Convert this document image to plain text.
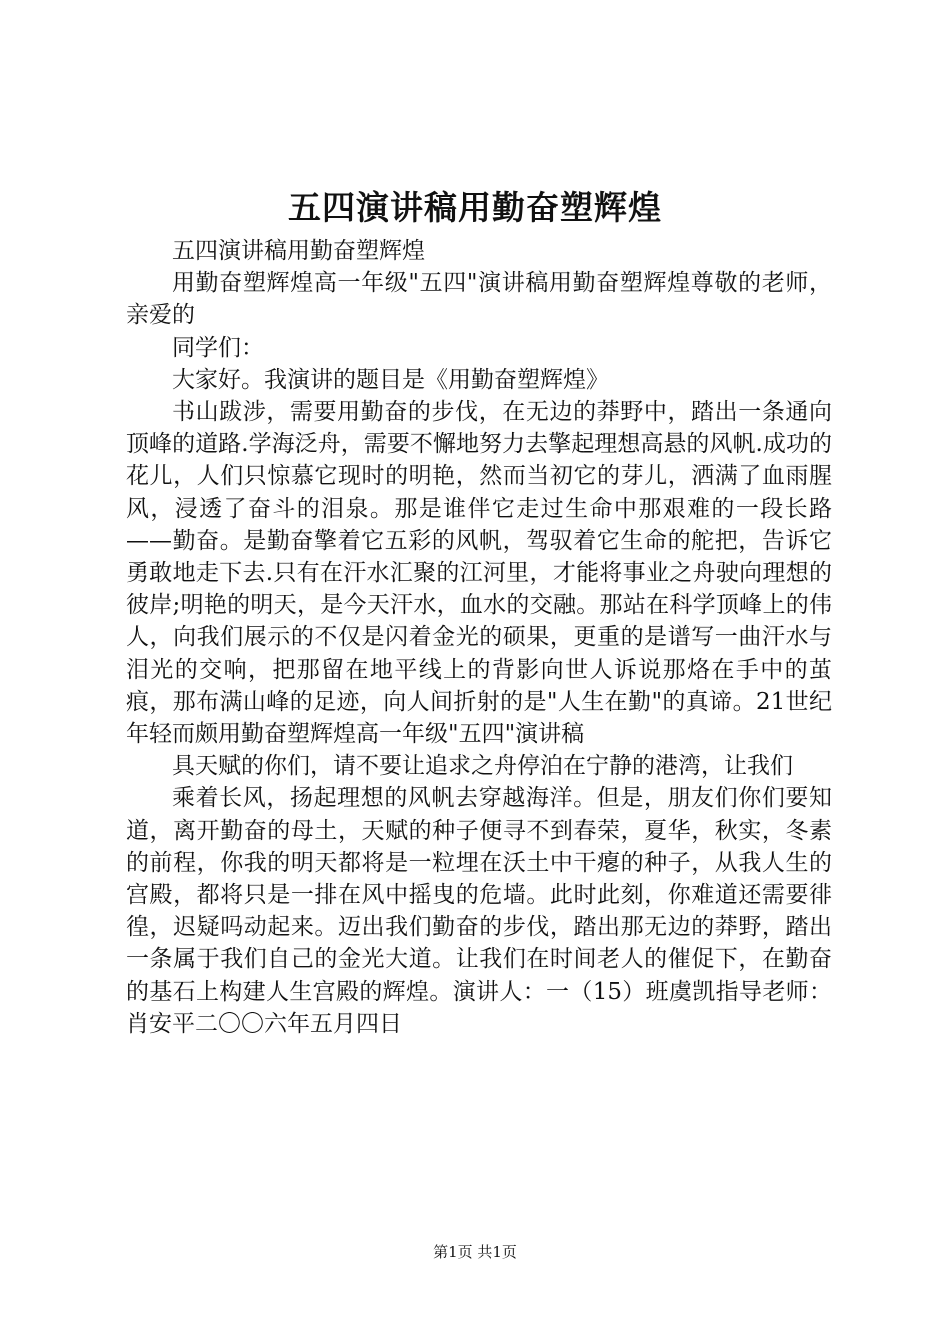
五四演讲稿用勤奋塑辉煌

五四演讲稿用勤奋塑辉煌

用勤奋塑辉煌高一年级"五四"演讲稿用勤奋塑辉煌尊敬的老师，亲爱的

同学们：

大家好。我演讲的题目是《用勤奋塑辉煌》

书山跋涉，需要用勤奋的步伐，在无边的莽野中，踏出一条通向顶峰的道路.学海泛舟，需要不懈地努力去擎起理想高悬的风帆.成功的花儿，人们只惊慕它现时的明艳，然而当初它的芽儿，洒满了血雨腥风，浸透了奋斗的泪泉。那是谁伴它走过生命中那艰难的一段长路——勤奋。是勤奋擎着它五彩的风帆，驾驭着它生命的舵把，告诉它勇敢地走下去.只有在汗水汇聚的江河里，才能将事业之舟驶向理想的彼岸;明艳的明天，是今天汗水，血水的交融。那站在科学顶峰上的伟人，向我们展示的不仅是闪着金光的硕果，更重的是谱写一曲汗水与泪光的交响，把那留在地平线上的背影向世人诉说那烙在手中的茧痕，那布满山峰的足迹，向人间折射的是"人生在勤"的真谛。21世纪年轻而颇用勤奋塑辉煌高一年级"五四"演讲稿

具天赋的你们，请不要让追求之舟停泊在宁静的港湾，让我们

乘着长风，扬起理想的风帆去穿越海洋。但是，朋友们你们要知道，离开勤奋的母土，天赋的种子便寻不到春荣，夏华，秋实，冬素的前程，你我的明天都将是一粒埋在沃土中干瘪的种子，从我人生的宫殿，都将只是一排在风中摇曳的危墙。此时此刻，你难道还需要徘徨，迟疑吗动起来。迈出我们勤奋的步伐，踏出那无边的莽野，踏出一条属于我们自己的金光大道。让我们在时间老人的催促下，在勤奋的基石上构建人生宫殿的辉煌。演讲人：一（15）班虞凯指导老师：肖安平二〇〇六年五月四日

第1页 共1页
